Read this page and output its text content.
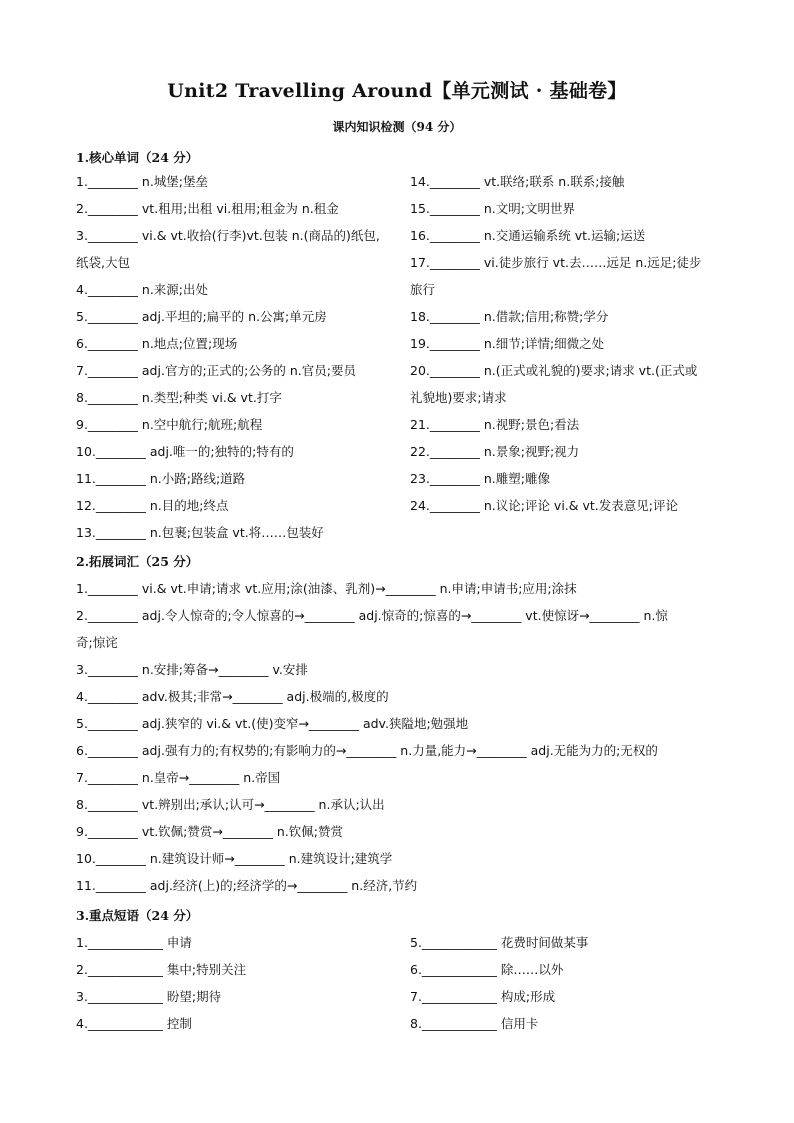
Unit2 Travelling Around【单元测试 · 基础卷】
课内知识检测（94 分）
1.核心单词（24 分）
1.________ n.城堡;堡垒
2.________ vt.租用;出租 vi.租用;租金为 n.租金
3.________ vi.& vt.收拾(行李)vt.包装 n.(商品的)纸包,
纸袋,大包
4.________ n.来源;出处
5.________ adj.平坦的;扁平的 n.公寓;单元房
6.________ n.地点;位置;现场
7.________ adj.官方的;正式的;公务的 n.官员;要员
8.________ n.类型;种类 vi.& vt.打字
9.________ n.空中航行;航班;航程
10.________ adj.唯一的;独特的;特有的
11.________ n.小路;路线;道路
12.________ n.目的地;终点
13.________ n.包裹;包装盒 vt.将……包装好
14.________ vt.联络;联系 n.联系;接触
15.________ n.文明;文明世界
16.________ n.交通运输系统 vt.运输;运送
17.________ vi.徒步旅行 vt.去……远足 n.远足;徒步
旅行
18.________ n.借款;信用;称赞;学分
19.________ n.细节;详情;细微之处
20.________ n.(正式或礼貌的)要求;请求 vt.(正式或
礼貌地)要求;请求
21.________ n.视野;景色;看法
22.________ n.景象;视野;视力
23.________ n.雕塑;雕像
24.________ n.议论;评论 vi.& vt.发表意见;评论
2.拓展词汇（25 分）
1.________ vi.& vt.申请;请求 vt.应用;涂(油漆、乳剂)→________ n.申请;申请书;应用;涂抹
2.________ adj.令人惊奇的;令人惊喜的→________ adj.惊奇的;惊喜的→________ vt.使惊讶→________ n.惊
奇;惊诧
3.________ n.安排;筹备→________ v.安排
4.________ adv.极其;非常→________ adj.极端的,极度的
5.________ adj.狭窄的 vi.& vt.(使)变窄→________ adv.狭隘地;勉强地
6.________ adj.强有力的;有权势的;有影响力的→________ n.力量,能力→________ adj.无能为力的;无权的
7.________ n.皇帝→________ n.帝国
8.________ vt.辨别出;承认;认可→________ n.承认;认出
9.________ vt.钦佩;赞赏→________ n.钦佩;赞赏
10.________ n.建筑设计师→________ n.建筑设计;建筑学
11.________ adj.经济(上)的;经济学的→________ n.经济,节约
3.重点短语（24 分）
1.____________ 申请
2.____________ 集中;特别关注
3.____________ 盼望;期待
4.____________ 控制
5.____________ 花费时间做某事
6.____________ 除……以外
7.____________ 构成;形成
8.____________ 信用卡
